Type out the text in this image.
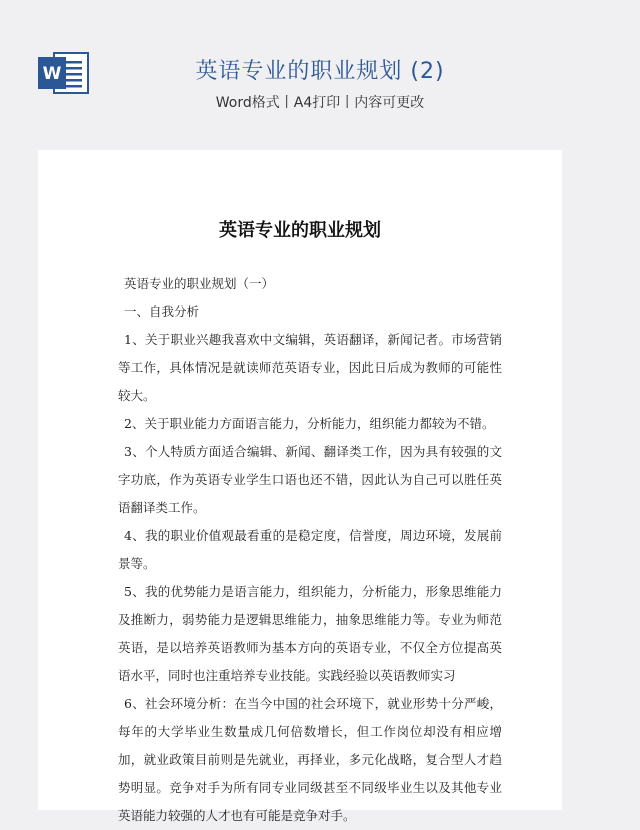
W	英语专业的职业规划 (2)
Word格式丨A4打印丨内容可更改
英语专业的职业规划

英语专业的职业规划（一）

一、自我分析

1、关于职业兴趣我喜欢中文编辑，英语翻译，新闻记者。市场营销等工作，具体情况是就读师范英语专业，因此日后成为教师的可能性较大。

2、关于职业能力方面语言能力，分析能力，组织能力都较为不错。

3、个人特质方面适合编辑、新闻、翻译类工作，因为具有较强的文字功底，作为英语专业学生口语也还不错，因此认为自己可以胜任英语翻译类工作。

4、我的职业价值观最看重的是稳定度，信誉度，周边环境，发展前景等。

5、我的优势能力是语言能力，组织能力，分析能力，形象思维能力及推断力，弱势能力是逻辑思维能力，抽象思维能力等。专业为师范英语，是以培养英语教师为基本方向的英语专业，不仅全方位提高英语水平，同时也注重培养专业技能。实践经验以英语教师实习

6、社会环境分析：在当今中国的社会环境下，就业形势十分严峻，每年的大学毕业生数量成几何倍数增长，但工作岗位却没有相应增加，就业政策目前则是先就业，再择业，多元化战略，复合型人才趋势明显。竞争对手为所有同专业同级甚至不同级毕业生以及其他专业英语能力较强的人才也有可能是竞争对手。
